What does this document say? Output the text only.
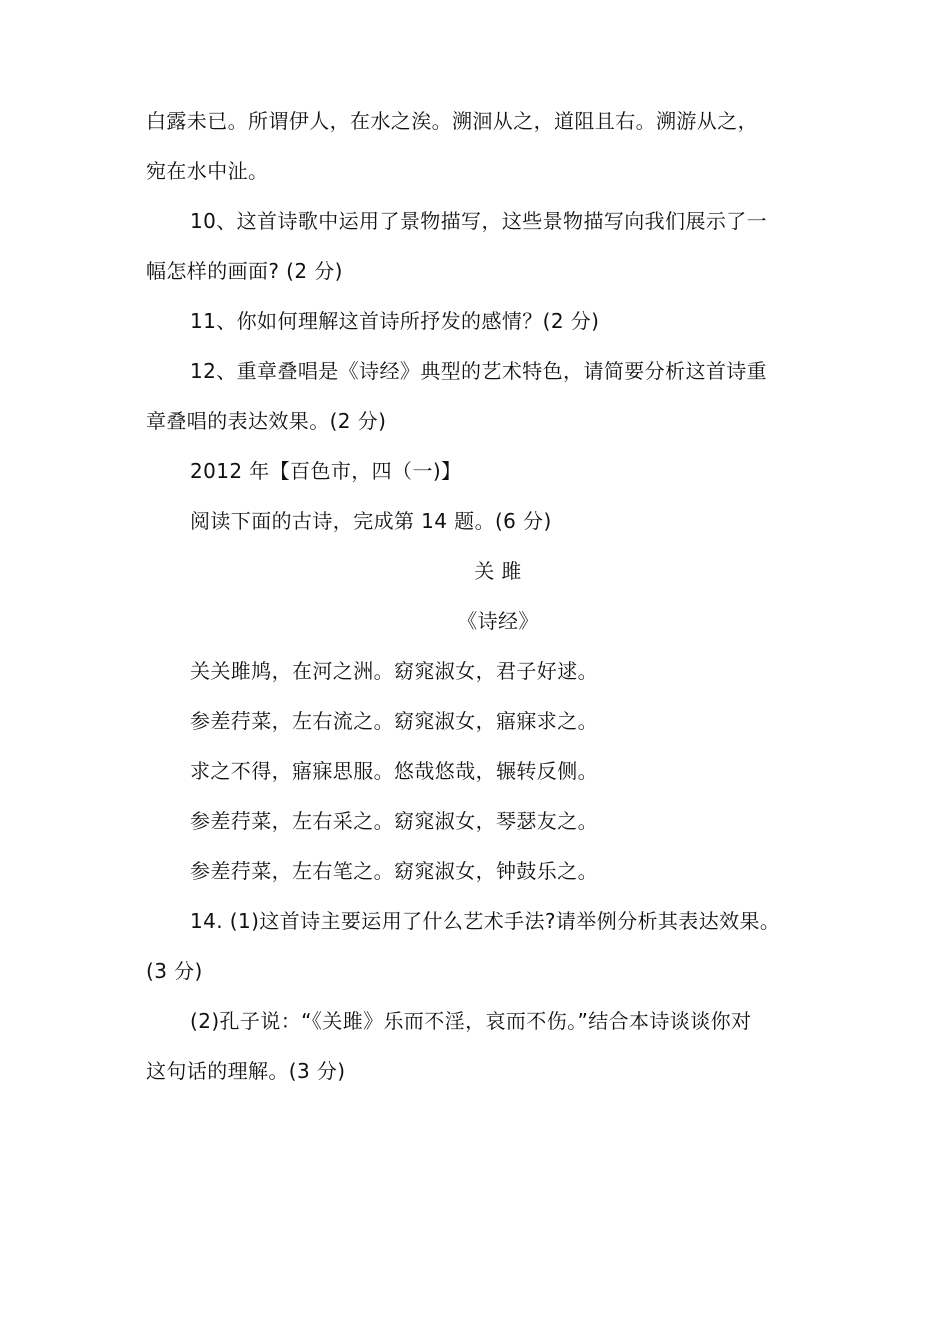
白露未已。所谓伊人，在水之涘。溯洄从之，道阻且右。溯游从之，
宛在水中沚。
10、这首诗歌中运用了景物描写，这些景物描写向我们展示了一
幅怎样的画面? (2 分)
11、你如何理解这首诗所抒发的感情？(2 分)
12、重章叠唱是《诗经》典型的艺术特色，请简要分析这首诗重
章叠唱的表达效果。(2 分)
2012 年【百色市，四（一)】
阅读下面的古诗，完成第 14 题。(6 分)
关 雎
《诗经》
关关雎鸠，在河之洲。窈窕淑女，君子好逑。
参差荇菜，左右流之。窈窕淑女，寤寐求之。
求之不得，寤寐思服。悠哉悠哉，辗转反侧。
参差荇菜，左右采之。窈窕淑女，琴瑟友之。
参差荇菜，左右笔之。窈窕淑女，钟鼓乐之。
14. (1)这首诗主要运用了什么艺术手法?请举例分析其表达效果。
(3 分)
(2)孔子说：“《关雎》乐而不淫，哀而不伤。”结合本诗谈谈你对
这句话的理解。(3 分)
